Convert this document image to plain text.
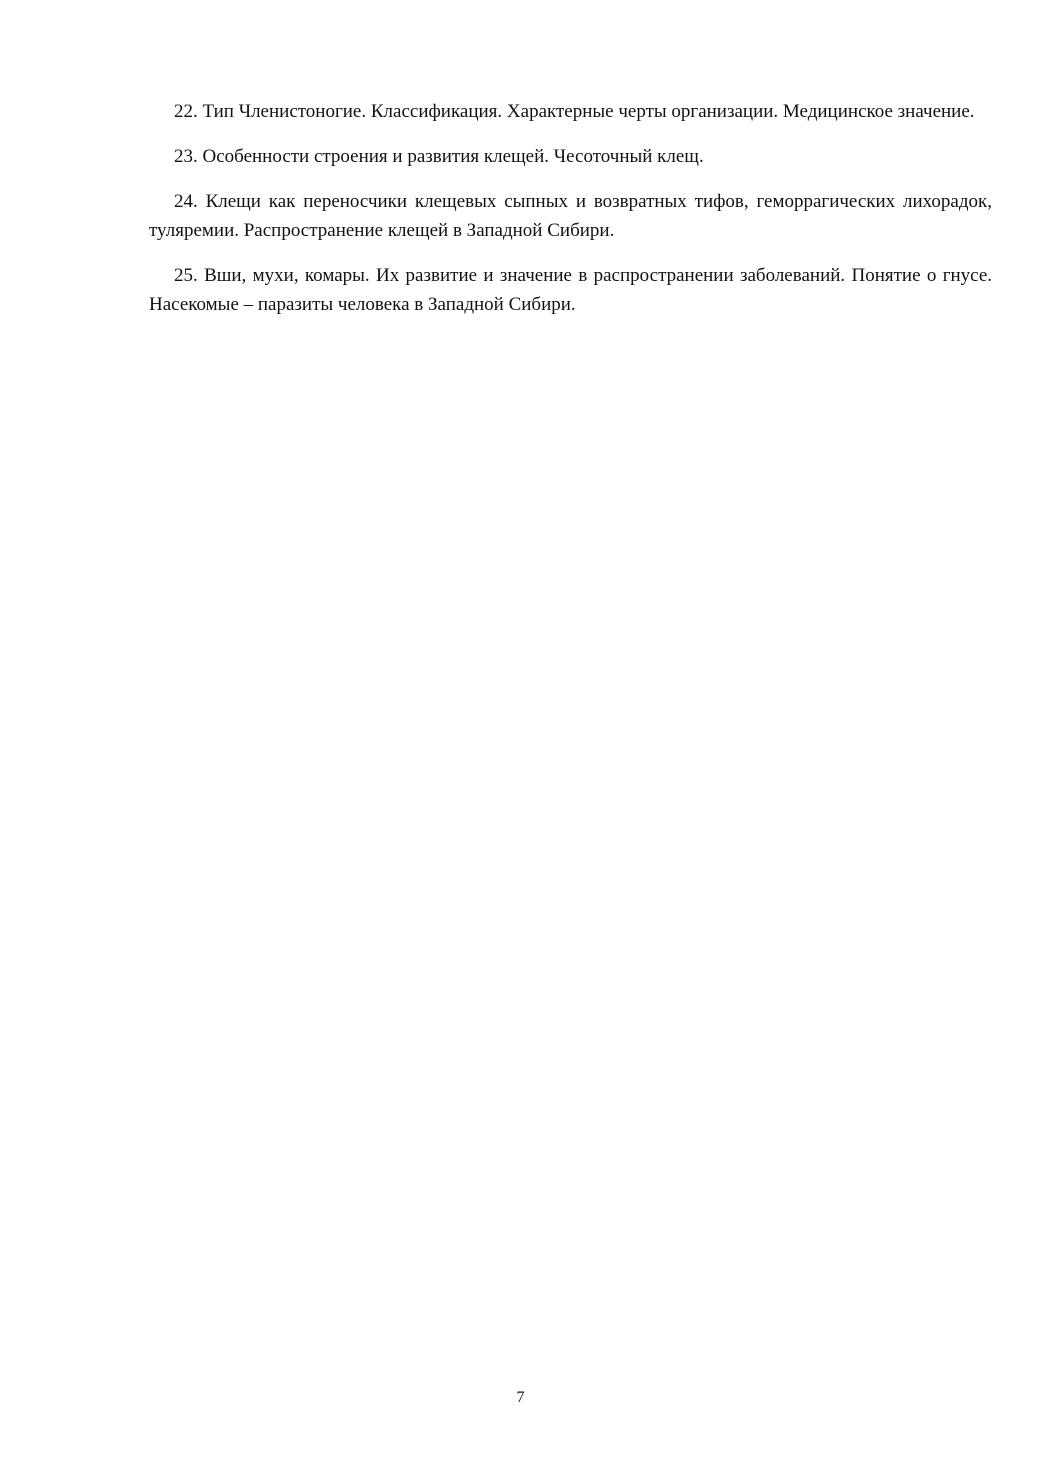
22. Тип Членистоногие. Классификация. Характерные черты организации. Медицинское значение.

23. Особенности строения и развития клещей. Чесоточный клещ.

24. Клещи как переносчики клещевых сыпных и возвратных тифов, геморрагических лихорадок, туляремии. Распространение клещей в Западной Сибири.

25. Вши, мухи, комары. Их развитие и значение в распространении заболеваний. Понятие о гнусе. Насекомые – паразиты человека в Западной Сибири.

7
